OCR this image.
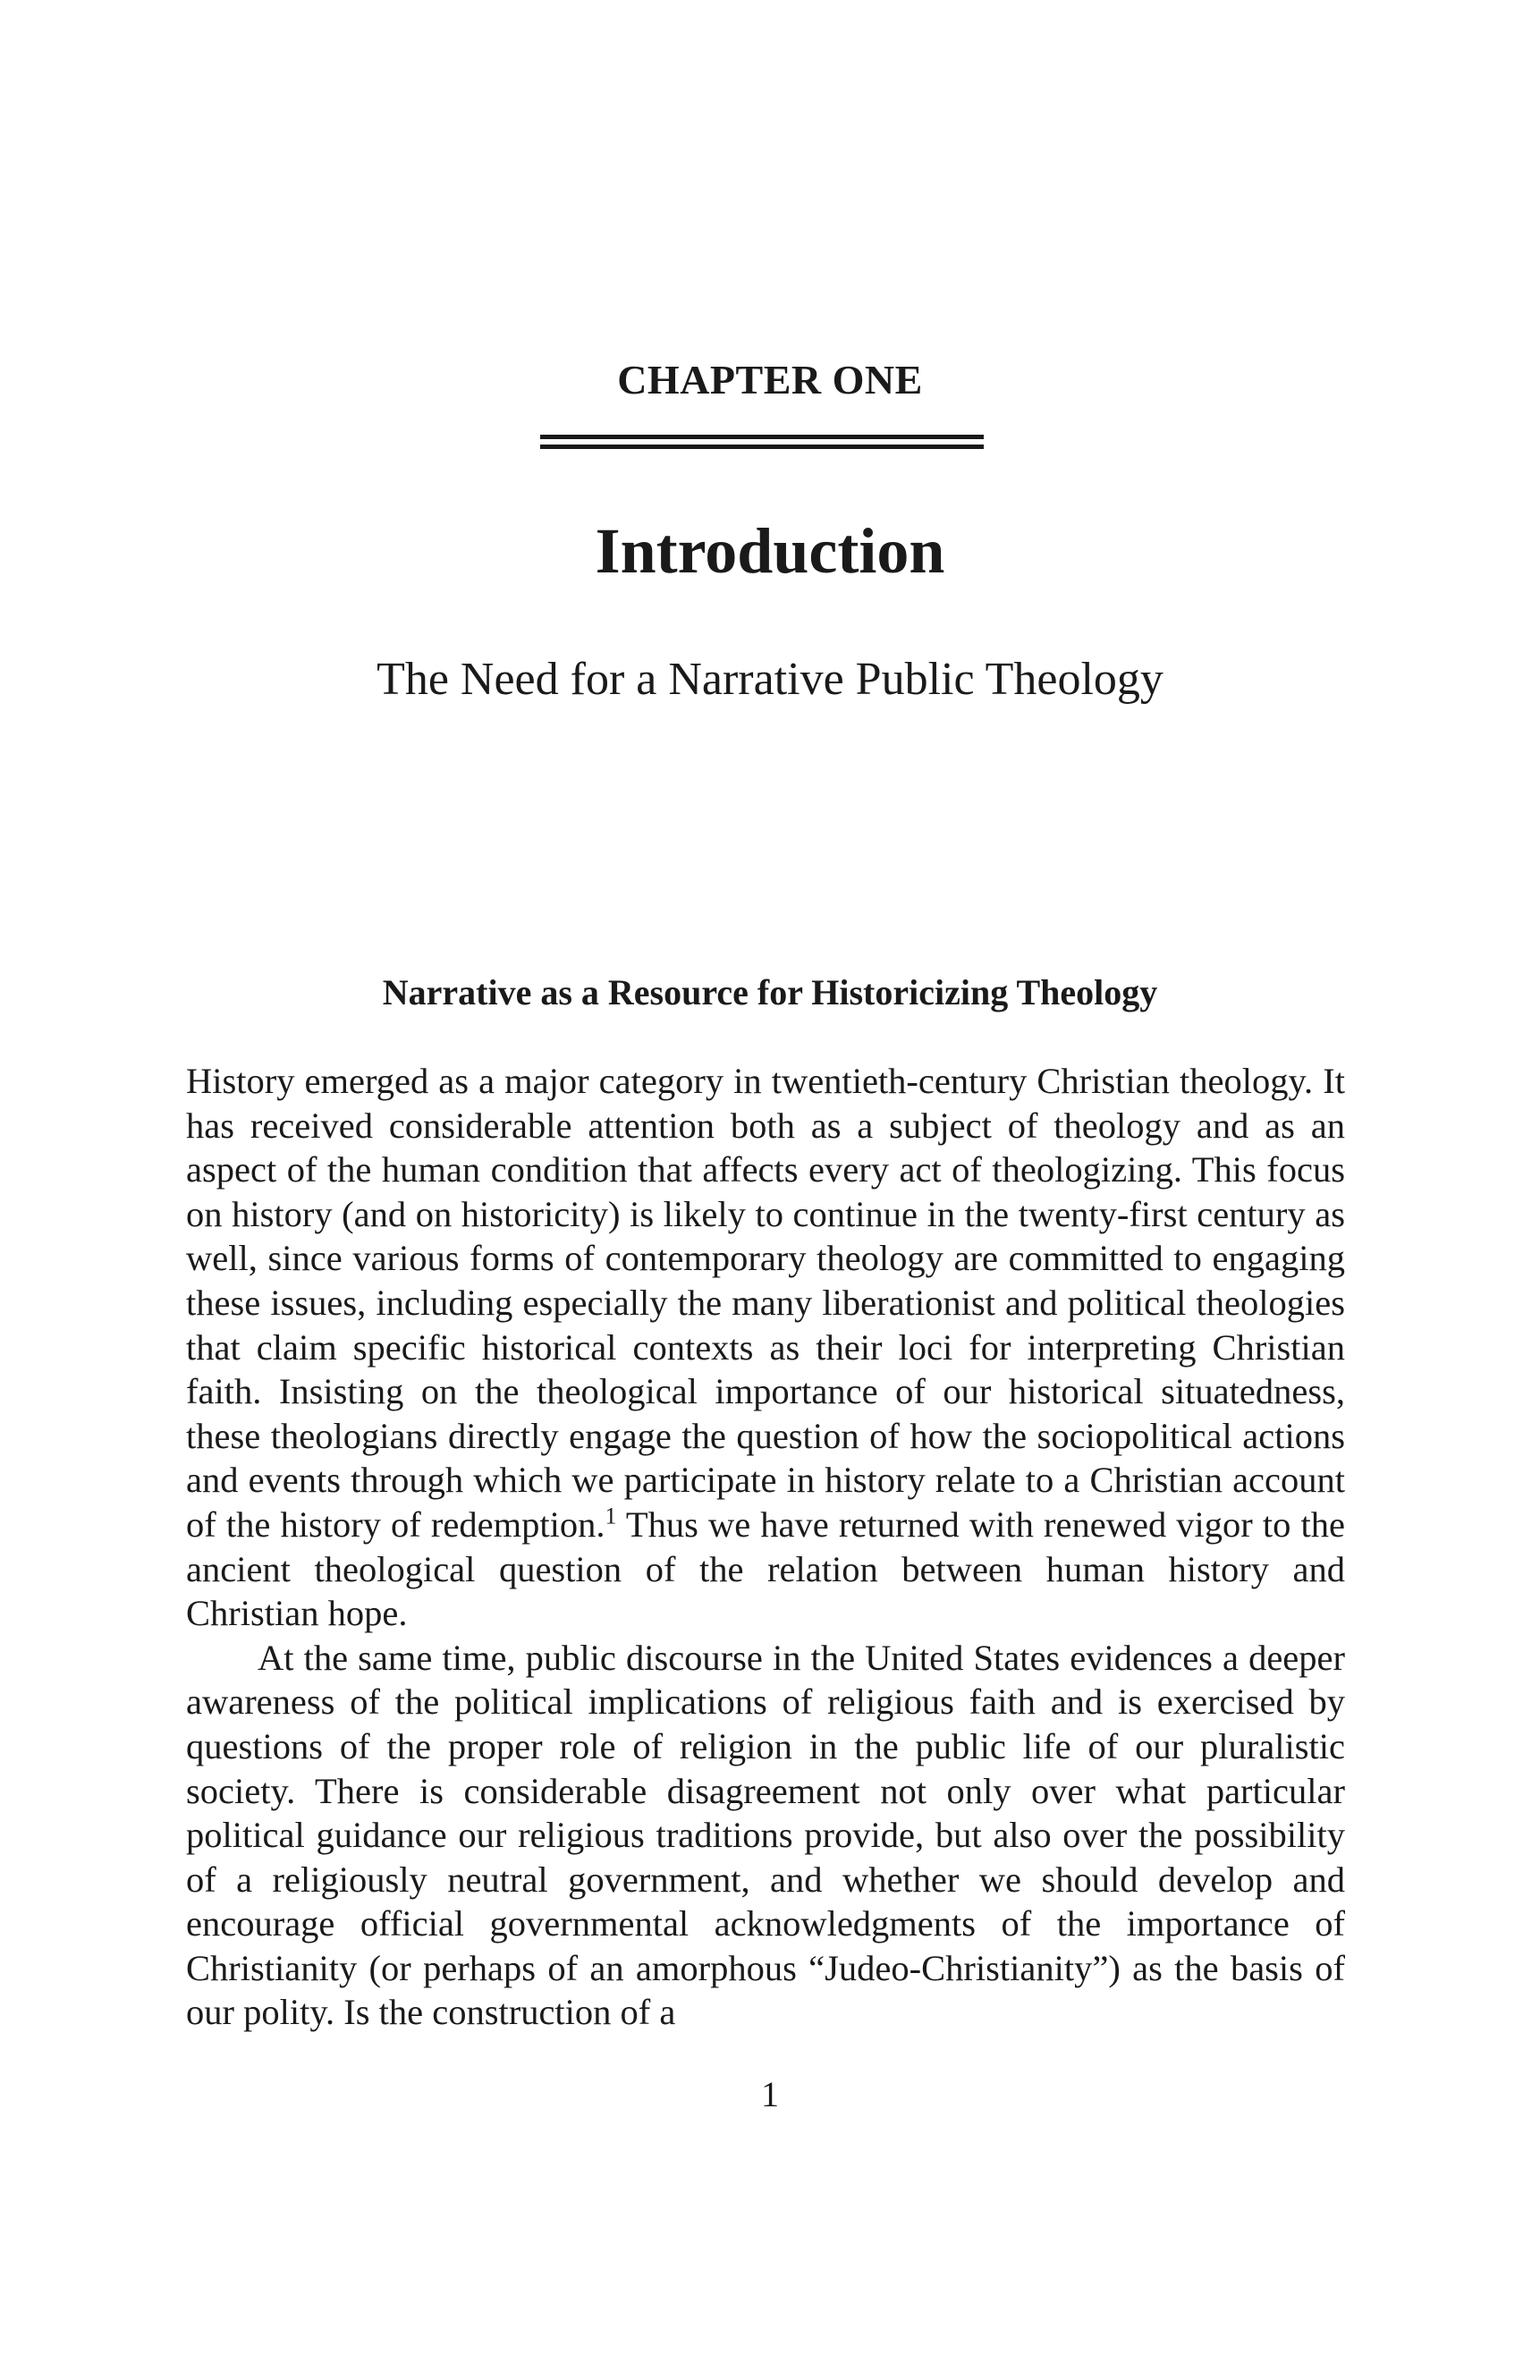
CHAPTER ONE
Introduction
The Need for a Narrative Public Theology
Narrative as a Resource for Historicizing Theology

History emerged as a major category in twentieth-century Christian theology. It has received considerable attention both as a subject of theology and as an aspect of the human condition that affects every act of theologizing. This focus on history (and on historicity) is likely to continue in the twenty-first century as well, since various forms of contemporary theology are committed to engaging these issues, including especially the many liberationist and political theologies that claim specific historical contexts as their loci for interpreting Christian faith. Insisting on the theological importance of our historical situatedness, these theologians directly engage the question of how the sociopolitical actions and events through which we participate in history relate to a Christian account of the history of redemption.$^1$ Thus we have returned with renewed vigor to the ancient theological question of the relation between human history and Christian hope.

At the same time, public discourse in the United States evidences a deeper awareness of the political implications of religious faith and is exercised by questions of the proper role of religion in the public life of our pluralistic society. There is considerable disagreement not only over what particular political guidance our religious traditions provide, but also over the possibility of a religiously neutral government, and whether we should develop and encourage official governmental acknowledgments of the importance of Christianity (or perhaps of an amorphous “Judeo-Christianity”) as the basis of our polity. Is the construction of a

1
